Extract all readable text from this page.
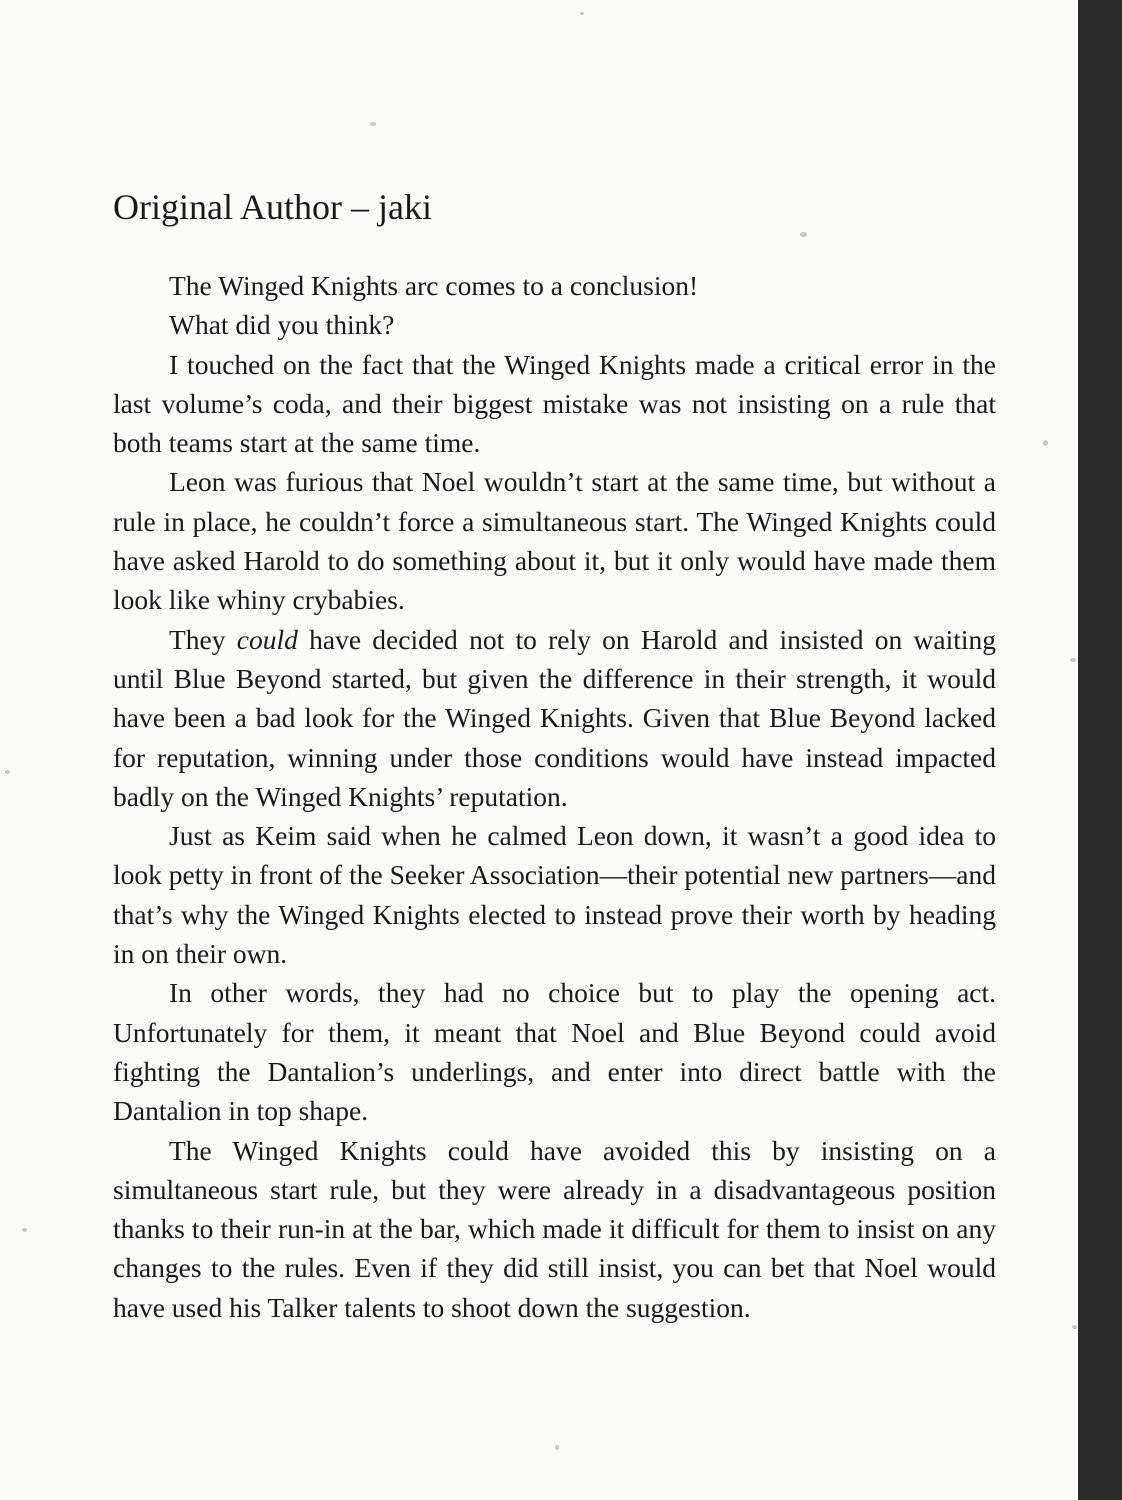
Original Author – jaki

The Winged Knights arc comes to a conclusion!

What did you think?

I touched on the fact that the Winged Knights made a critical error in the last volume’s coda, and their biggest mistake was not insisting on a rule that both teams start at the same time.

Leon was furious that Noel wouldn’t start at the same time, but without a rule in place, he couldn’t force a simultaneous start. The Winged Knights could have asked Harold to do something about it, but it only would have made them look like whiny crybabies.

They could have decided not to rely on Harold and insisted on waiting until Blue Beyond started, but given the difference in their strength, it would have been a bad look for the Winged Knights. Given that Blue Beyond lacked for reputation, winning under those conditions would have instead impacted badly on the Winged Knights’ reputation.

Just as Keim said when he calmed Leon down, it wasn’t a good idea to look petty in front of the Seeker Association—their potential new partners—and that’s why the Winged Knights elected to instead prove their worth by heading in on their own.

In other words, they had no choice but to play the opening act. Unfortunately for them, it meant that Noel and Blue Beyond could avoid fighting the Dantalion’s underlings, and enter into direct battle with the Dantalion in top shape.

The Winged Knights could have avoided this by insisting on a simultaneous start rule, but they were already in a disadvantageous position thanks to their run-in at the bar, which made it difficult for them to insist on any changes to the rules. Even if they did still insist, you can bet that Noel would have used his Talker talents to shoot down the suggestion.
